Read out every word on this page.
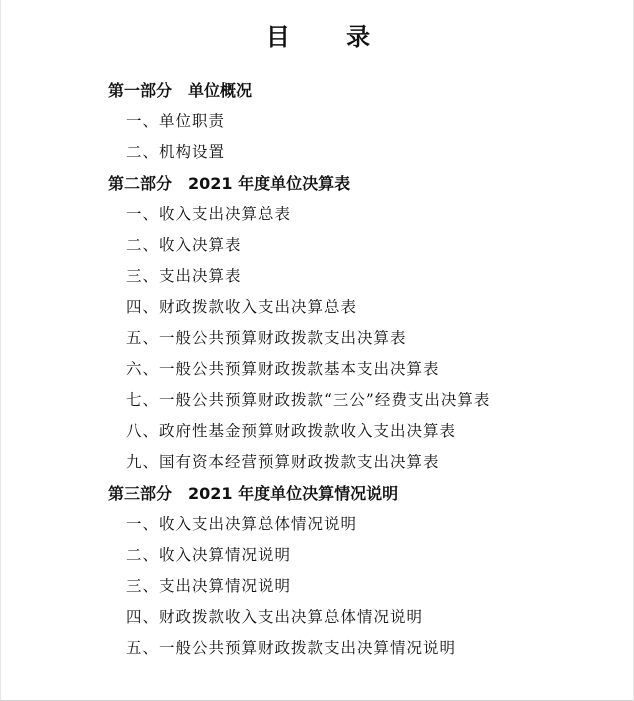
目 录
第一部分 单位概况
一、单位职责
二、机构设置
第二部分 2021 年度单位决算表
一、收入支出决算总表
二、收入决算表
三、支出决算表
四、财政拨款收入支出决算总表
五、一般公共预算财政拨款支出决算表
六、一般公共预算财政拨款基本支出决算表
七、一般公共预算财政拨款“三公”经费支出决算表
八、政府性基金预算财政拨款收入支出决算表
九、国有资本经营预算财政拨款支出决算表
第三部分 2021 年度单位决算情况说明
一、收入支出决算总体情况说明
二、收入决算情况说明
三、支出决算情况说明
四、财政拨款收入支出决算总体情况说明
五、一般公共预算财政拨款支出决算情况说明
